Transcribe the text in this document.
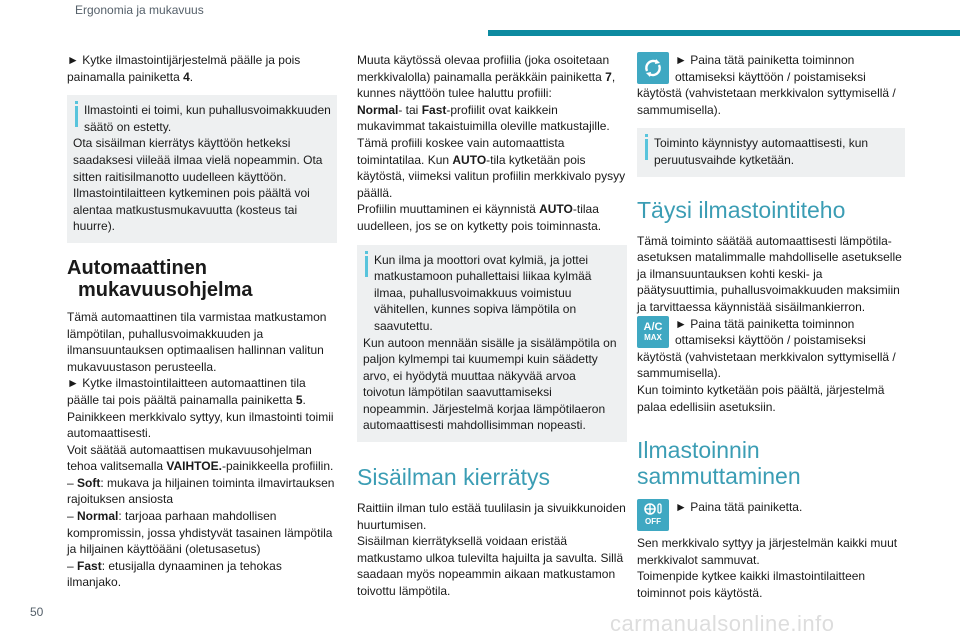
Ergonomia ja mukavuus

► Kytke ilmastointijärjestelmä päälle ja pois painamalla painiketta 4.

Ilmastointi ei toimi, kun puhallusvoimakkuuden säätö on estetty.

Ota sisäilman kierrätys käyttöön hetkeksi saadaksesi viileää ilmaa vielä nopeammin. Ota sitten raitisilmanotto uudelleen käyttöön. Ilmastointilaitteen kytkeminen pois päältä voi alentaa matkustusmukavuutta (kosteus tai huurre).

Automaattinen
mukavuusohjelma

Tämä automaattinen tila varmistaa matkustamon lämpötilan, puhallusvoimakkuuden ja ilmansuuntauksen optimaalisen hallinnan valitun mukavuustason perusteella.

► Kytke ilmastointilaitteen automaattinen tila päälle tai pois päältä painamalla painiketta 5.

Painikkeen merkkivalo syttyy, kun ilmastointi toimii automaattisesti.

Voit säätää automaattisen mukavuusohjelman tehoa valitsemalla VAIHTOE.-painikkeella profiilin.

– Soft: mukava ja hiljainen toiminta ilmavirtauksen rajoituksen ansiosta

– Normal: tarjoaa parhaan mahdollisen kompromissin, jossa yhdistyvät tasainen lämpötila ja hiljainen käyttöääni (oletusasetus)

– Fast: etusijalla dynaaminen ja tehokas ilmanjako.

Muuta käytössä olevaa profiilia (joka osoitetaan merkkivalolla) painamalla peräkkäin painiketta 7, kunnes näyttöön tulee haluttu profiili:

Normal- tai Fast-profiilit ovat kaikkein mukavimmat takaistuimilla oleville matkustajille.

Tämä profiili koskee vain automaattista toimintatilaa. Kun AUTO-tila kytketään pois käytöstä, viimeksi valitun profiilin merkkivalo pysyy päällä.

Profiilin muuttaminen ei käynnistä AUTO-tilaa uudelleen, jos se on kytketty pois toiminnasta.

Kun ilma ja moottori ovat kylmiä, ja jottei matkustamoon puhallettaisi liikaa kylmää ilmaa, puhallusvoimakkuus voimistuu vähitellen, kunnes sopiva lämpötila on saavutettu.

Kun autoon mennään sisälle ja sisälämpötila on paljon kylmempi tai kuumempi kuin säädetty arvo, ei hyödytä muuttaa näkyvää arvoa toivotun lämpötilan saavuttamiseksi nopeammin. Järjestelmä korjaa lämpötilaeron automaattisesti mahdollisimman nopeasti.

Sisäilman kierrätys

Raittiin ilman tulo estää tuulilasin ja sivuikkunoiden huurtumisen.

Sisäilman kierrätyksellä voidaan eristää matkustamo ulkoa tulevilta hajuilta ja savulta. Sillä saadaan myös nopeammin aikaan matkustamon toivottu lämpötila.

► Paina tätä painiketta toiminnon ottamiseksi käyttöön / poistamiseksi käytöstä (vahvistetaan merkkivalon syttymisellä / sammumisella).

Toiminto käynnistyy automaattisesti, kun peruutusvaihde kytketään.

Täysi ilmastointiteho

Tämä toiminto säätää automaattisesti lämpötila-asetuksen matalimmalle mahdolliselle asetukselle ja ilmansuuntauksen kohti keski- ja päätysuuttimia, puhallusvoimakkuuden maksimiin ja tarvittaessa käynnistää sisäilmankierron.

A/C
MAX

► Paina tätä painiketta toiminnon ottamiseksi käyttöön / poistamiseksi käytöstä (vahvistetaan merkkivalon syttymisellä / sammumisella).

Kun toiminto kytketään pois päältä, järjestelmä palaa edellisiin asetuksiin.

Ilmastoinnin
sammuttaminen
OFF

► Paina tätä painiketta.

Sen merkkivalo syttyy ja järjestelmän kaikki muut merkkivalot sammuvat.

Toimenpide kytkee kaikki ilmastointilaitteen toiminnot pois käytöstä.

50	carmanualsonline.info
